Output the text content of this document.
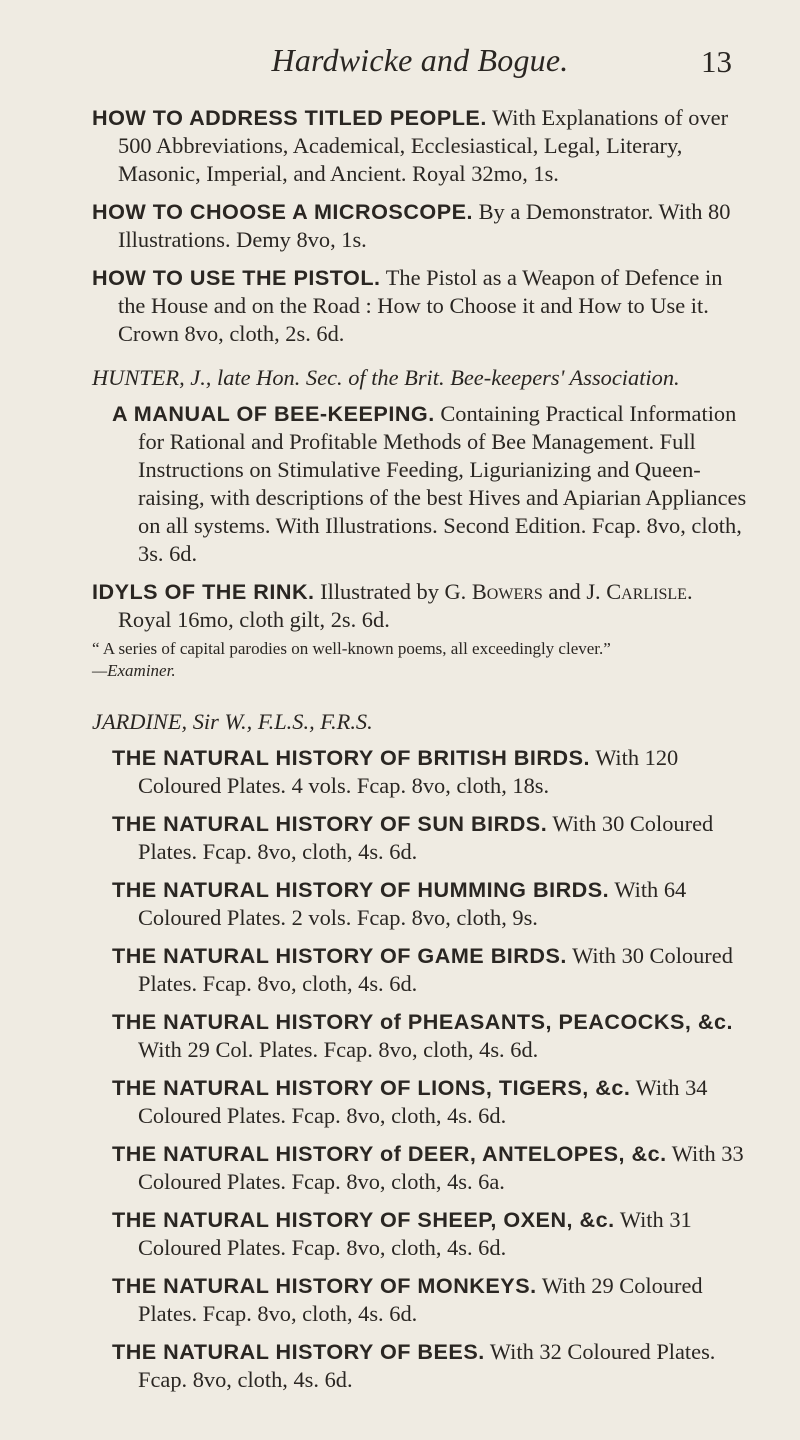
Hardwicke and Bogue.	13
HOW TO ADDRESS TITLED PEOPLE. With Explanations of over 500 Abbreviations, Academical, Ecclesiastical, Legal, Literary, Masonic, Imperial, and Ancient. Royal 32mo, 1s.
HOW TO CHOOSE A MICROSCOPE. By a Demonstrator. With 80 Illustrations. Demy 8vo, 1s.
HOW TO USE THE PISTOL. The Pistol as a Weapon of Defence in the House and on the Road : How to Choose it and How to Use it. Crown 8vo, cloth, 2s. 6d.
HUNTER, J., late Hon. Sec. of the Brit. Bee-keepers' Association.
A MANUAL OF BEE-KEEPING. Containing Practical Information for Rational and Profitable Methods of Bee Management. Full Instructions on Stimulative Feeding, Ligurianizing and Queen-raising, with descriptions of the best Hives and Apiarian Appliances on all systems. With Illustrations. Second Edition. Fcap. 8vo, cloth, 3s. 6d.
IDYLS OF THE RINK. Illustrated by G. Bowers and J. Carlisle. Royal 16mo, cloth gilt, 2s. 6d.
“ A series of capital parodies on well-known poems, all exceedingly clever.”
—Examiner.
JARDINE, Sir W., F.L.S., F.R.S.
THE NATURAL HISTORY OF BRITISH BIRDS. With 120 Coloured Plates. 4 vols. Fcap. 8vo, cloth, 18s.
THE NATURAL HISTORY OF SUN BIRDS. With 30 Coloured Plates. Fcap. 8vo, cloth, 4s. 6d.
THE NATURAL HISTORY OF HUMMING BIRDS. With 64 Coloured Plates. 2 vols. Fcap. 8vo, cloth, 9s.
THE NATURAL HISTORY OF GAME BIRDS. With 30 Coloured Plates. Fcap. 8vo, cloth, 4s. 6d.
THE NATURAL HISTORY of PHEASANTS, PEACOCKS, &c. With 29 Col. Plates. Fcap. 8vo, cloth, 4s. 6d.
THE NATURAL HISTORY OF LIONS, TIGERS, &c. With 34 Coloured Plates. Fcap. 8vo, cloth, 4s. 6d.
THE NATURAL HISTORY of DEER, ANTELOPES, &c. With 33 Coloured Plates. Fcap. 8vo, cloth, 4s. 6a.
THE NATURAL HISTORY OF SHEEP, OXEN, &c. With 31 Coloured Plates. Fcap. 8vo, cloth, 4s. 6d.
THE NATURAL HISTORY OF MONKEYS. With 29 Coloured Plates. Fcap. 8vo, cloth, 4s. 6d.
THE NATURAL HISTORY OF BEES. With 32 Coloured Plates. Fcap. 8vo, cloth, 4s. 6d.
